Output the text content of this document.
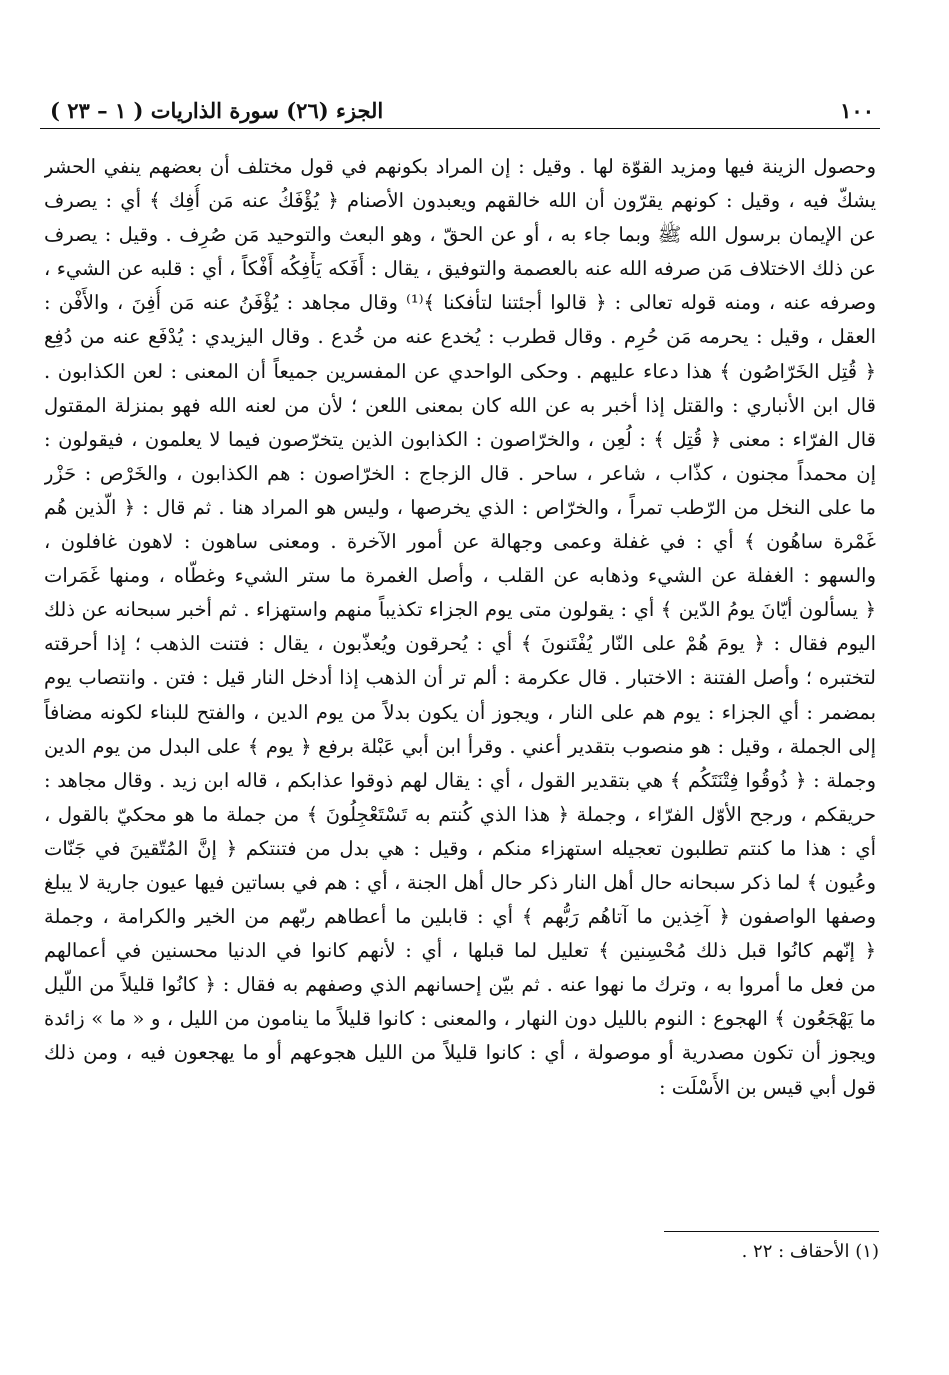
١٠٠
الجزء (٢٦) سورة الذاريات ( ١ – ٢٣ )
وحصول الزينة فيها ومزيد القوّة لها . وقيل : إن المراد بكونهم في قول مختلف أن بعضهم ينفي الحشر
يشكّ فيه ، وقيل : كونهم يقرّون أن الله خالقهم ويعبدون الأصنام ﴿ يُؤْفَكُ عنه مَن أُفِك ﴾ أي : يصرف
عن الإيمان برسول الله ﷺ وبما جاء به ، أو عن الحقّ ، وهو البعث والتوحيد مَن صُرِف . وقيل : يصرف
عن ذلك الاختلاف مَن صرفه الله عنه بالعصمة والتوفيق ، يقال : أَفَكه يَأْفِكُه أَفْكاً ، أي : قلبه عن الشيء ،
وصرفه عنه ، ومنه قوله تعالى : ﴿ قالوا أجئتنا لتأفكنا ﴾⁽¹⁾ وقال مجاهد : يُؤْفَنُ عنه مَن أُفِنَ ، والأَفْن :
العقل ، وقيل : يحرمه مَن حُرِم . وقال قطرب : يُخدع عنه من خُدع . وقال اليزيدي : يُدْفَع عنه من دُفِع
﴿ قُتِل الخَرّاصُون ﴾ هذا دعاء عليهم . وحكى الواحدي عن المفسرين جميعاً أن المعنى : لعن الكذابون .
قال ابن الأنباري : والقتل إذا أخبر به عن الله كان بمعنى اللعن ؛ لأن من لعنه الله فهو بمنزلة المقتول
قال الفرّاء : معنى ﴿ قُتِل ﴾ : لُعِن ، والخرّاصون : الكذابون الذين يتخرّصون فيما لا يعلمون ، فيقولون :
إن محمداً مجنون ، كذّاب ، شاعر ، ساحر . قال الزجاج : الخرّاصون : هم الكذابون ، والخَرْص : حَزْر
ما على النخل من الرّطب تمراً ، والخرّاص : الذي يخرصها ، وليس هو المراد هنا . ثم قال : ﴿ الّذين هُم
غَمْرة ساهُون ﴾ أي : في غفلة وعمى وجهالة عن أمور الآخرة . ومعنى ساهون : لاهون غافلون ،
والسهو : الغفلة عن الشيء وذهابه عن القلب ، وأصل الغمرة ما ستر الشيء وغطّاه ، ومنها غَمَرات
﴿ يسألون أيّانَ يومُ الدّين ﴾ أي : يقولون متى يوم الجزاء تكذيباً منهم واستهزاء . ثم أخبر سبحانه عن ذلك
اليوم فقال : ﴿ يومَ هُمْ على النّار يُفْتَنونَ ﴾ أي : يُحرقون ويُعذّبون ، يقال : فتنت الذهب ؛ إذا أحرقته
لتختبره ؛ وأصل الفتنة : الاختبار . قال عكرمة : ألم تر أن الذهب إذا أدخل النار قيل : فتن . وانتصاب يوم
بمضمر : أي الجزاء : يوم هم على النار ، ويجوز أن يكون بدلاً من يوم الدين ، والفتح للبناء لكونه مضافاً
إلى الجملة ، وقيل : هو منصوب بتقدير أعني . وقرأ ابن أبي عَبْلة برفع ﴿ يوم ﴾ على البدل من يوم الدين
وجملة : ﴿ ذُوقُوا فِتْنَتَكُم ﴾ هي بتقدير القول ، أي : يقال لهم ذوقوا عذابكم ، قاله ابن زيد . وقال مجاهد :
حريقكم ، ورجح الأوّل الفرّاء ، وجملة ﴿ هذا الذي كُنتم به تَسْتَعْجِلُونَ ﴾ من جملة ما هو محكيّ بالقول ،
أي : هذا ما كنتم تطلبون تعجيله استهزاء منكم ، وقيل : هي بدل من فتنتكم ﴿ إنَّ المُتّقينَ في جَنّات
وعُيون ﴾ لما ذكر سبحانه حال أهل النار ذكر حال أهل الجنة ، أي : هم في بساتين فيها عيون جارية لا يبلغ
وصفها الواصفون ﴿ آخِذين ما آتاهُم رَبُّهم ﴾ أي : قابلين ما أعطاهم ربّهم من الخير والكرامة ، وجملة
﴿ إنّهم كانُوا قبل ذلك مُحْسِنين ﴾ تعليل لما قبلها ، أي : لأنهم كانوا في الدنيا محسنين في أعمالهم
من فعل ما أمروا به ، وترك ما نهوا عنه . ثم بيّن إحسانهم الذي وصفهم به فقال : ﴿ كانُوا قليلاً من اللّيل
ما يَهْجَعُون ﴾ الهجوع : النوم بالليل دون النهار ، والمعنى : كانوا قليلاً ما ينامون من الليل ، و « ما » زائدة
ويجوز أن تكون مصدرية أو موصولة ، أي : كانوا قليلاً من الليل هجوعهم أو ما يهجعون فيه ، ومن ذلك
قول أبي قيس بن الأَسْلَت :
(١) الأحقاف : ٢٢ .
